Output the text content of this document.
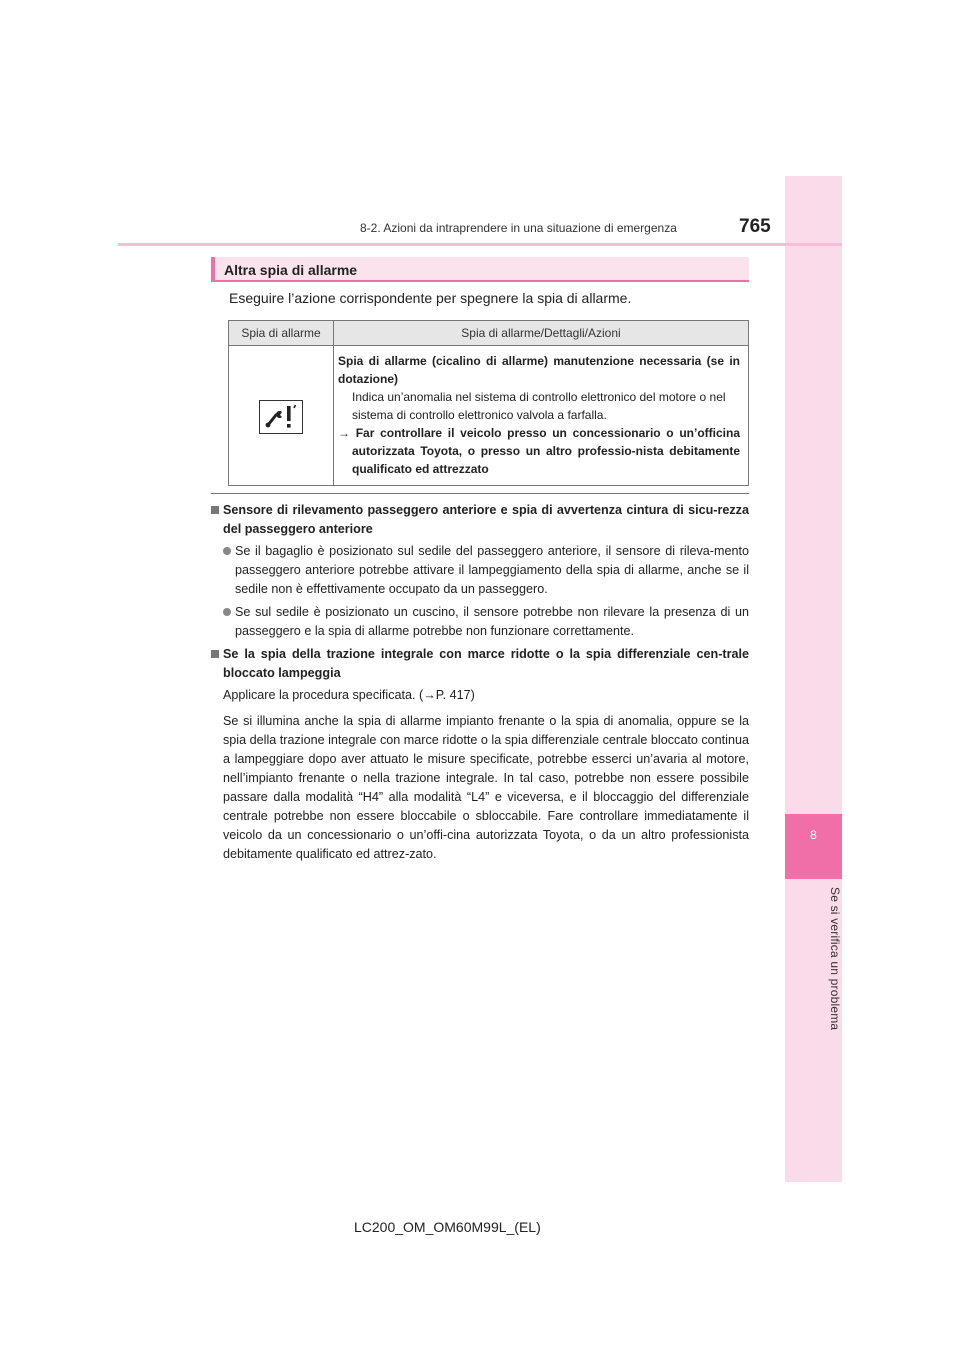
8
Se si verifica un problema
8-2. Azioni da intraprendere in una situazione di emergenza	765
Altra spia di allarme
Eseguire l’azione corrispondente per spegnere la spia di allarme.
Spia di allarme	Spia di allarme/Dettagli/Azioni

Spia di allarme (cicalino di allarme) manutenzione necessaria (se in dotazione)
Indica un’anomalia nel sistema di controllo elettronico del motore o nel sistema di controllo elettronico valvola a farfalla.
→ Far controllare il veicolo presso un concessionario o un’officina autorizzata Toyota, o presso un altro professio-nista debitamente qualificato ed attrezzato
Sensore di rilevamento passeggero anteriore e spia di avvertenza cintura di sicu-rezza del passeggero anteriore
Se il bagaglio è posizionato sul sedile del passeggero anteriore, il sensore di rileva-mento passeggero anteriore potrebbe attivare il lampeggiamento della spia di allarme, anche se il sedile non è effettivamente occupato da un passeggero.
Se sul sedile è posizionato un cuscino, il sensore potrebbe non rilevare la presenza di un passeggero e la spia di allarme potrebbe non funzionare correttamente.
Se la spia della trazione integrale con marce ridotte o la spia differenziale cen-trale bloccato lampeggia
Applicare la procedura specificata. (→P. 417)
Se si illumina anche la spia di allarme impianto frenante o la spia di anomalia, oppure se la spia della trazione integrale con marce ridotte o la spia differenziale centrale bloccato continua a lampeggiare dopo aver attuato le misure specificate, potrebbe esserci un’avaria al motore, nell’impianto frenante o nella trazione integrale. In tal caso, potrebbe non essere possibile passare dalla modalità “H4” alla modalità “L4” e viceversa, e il bloccaggio del differenziale centrale potrebbe non essere bloccabile o sbloccabile. Fare controllare immediatamente il veicolo da un concessionario o un’offi-cina autorizzata Toyota, o da un altro professionista debitamente qualificato ed attrez-zato.
LC200_OM_OM60M99L_(EL)
